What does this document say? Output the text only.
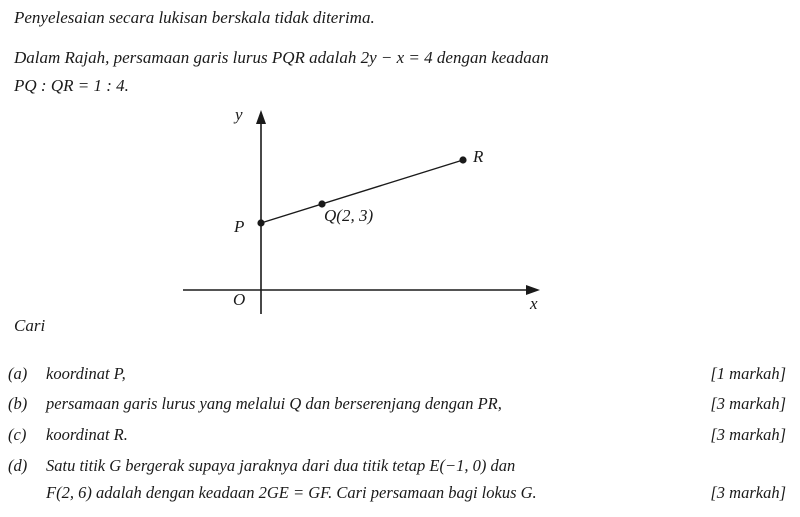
Penyelesaian secara lukisan berskala tidak diterima.
Dalam Rajah, persamaan garis lurus PQR adalah 2y − x = 4 dengan keadaan
PQ : QR = 1 : 4.
y
x
O
P
Q(2, 3)
R
Cari
(a) koordinat P,	[1 markah]
(b) persamaan garis lurus yang melalui Q dan berserenjang dengan PR,	[3 markah]
(c) koordinat R.	[3 markah]
(d) Satu titik G bergerak supaya jaraknya dari dua titik tetap E(−1, 0) dan
F(2, 6) adalah dengan keadaan 2GE = GF. Cari persamaan bagi lokus G.	[3 markah]
